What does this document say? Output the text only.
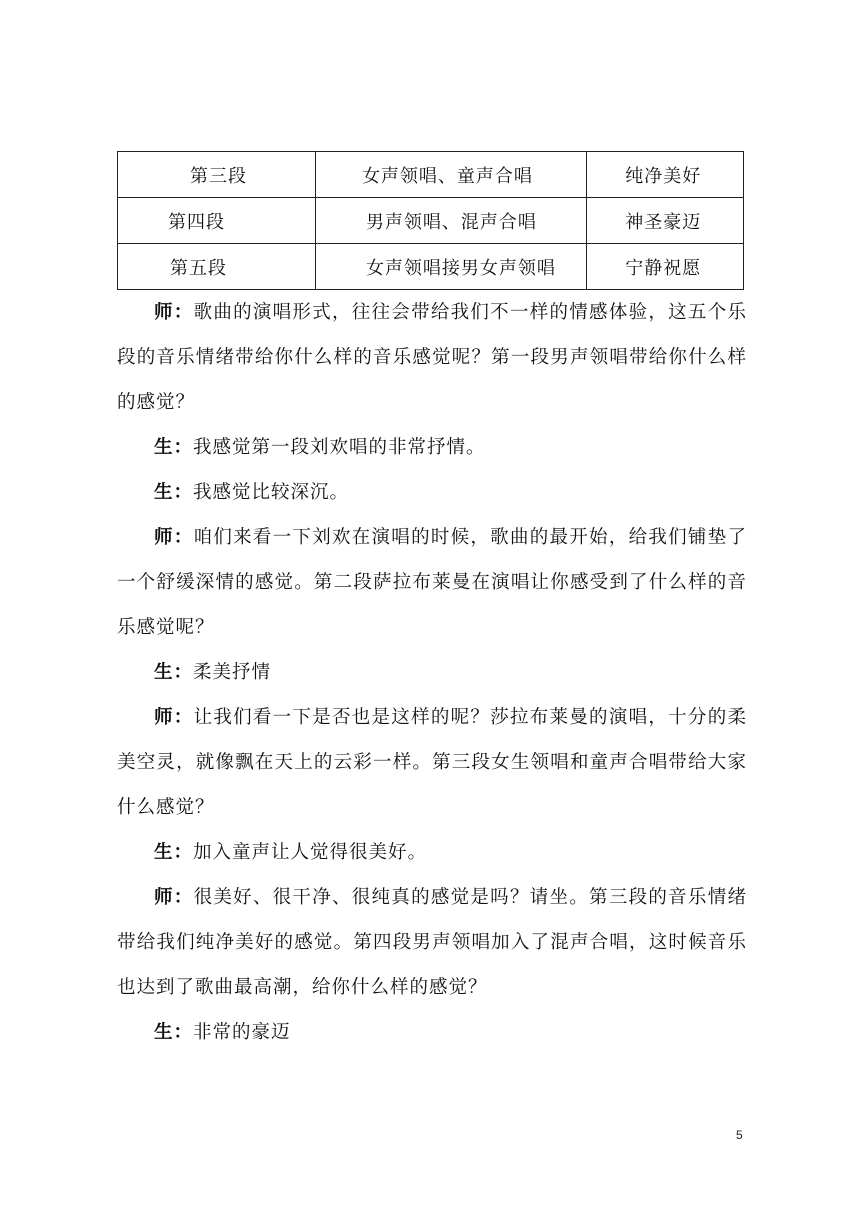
第三段	女声领唱、童声合唱	纯净美好

第四段	男声领唱、混声合唱	神圣豪迈

第五段	女声领唱接男女声领唱	宁静祝愿

师：歌曲的演唱形式，往往会带给我们不一样的情感体验，这五个乐段的音乐情绪带给你什么样的音乐感觉呢？第一段男声领唱带给你什么样的感觉？

生：我感觉第一段刘欢唱的非常抒情。

生：我感觉比较深沉。

师：咱们来看一下刘欢在演唱的时候，歌曲的最开始，给我们铺垫了一个舒缓深情的感觉。第二段萨拉布莱曼在演唱让你感受到了什么样的音乐感觉呢？

生：柔美抒情

师：让我们看一下是否也是这样的呢？莎拉布莱曼的演唱，十分的柔美空灵，就像飘在天上的云彩一样。第三段女生领唱和童声合唱带给大家什么感觉？

生：加入童声让人觉得很美好。

师：很美好、很干净、很纯真的感觉是吗？请坐。第三段的音乐情绪带给我们纯净美好的感觉。第四段男声领唱加入了混声合唱，这时候音乐也达到了歌曲最高潮，给你什么样的感觉？

生：非常的豪迈

5
